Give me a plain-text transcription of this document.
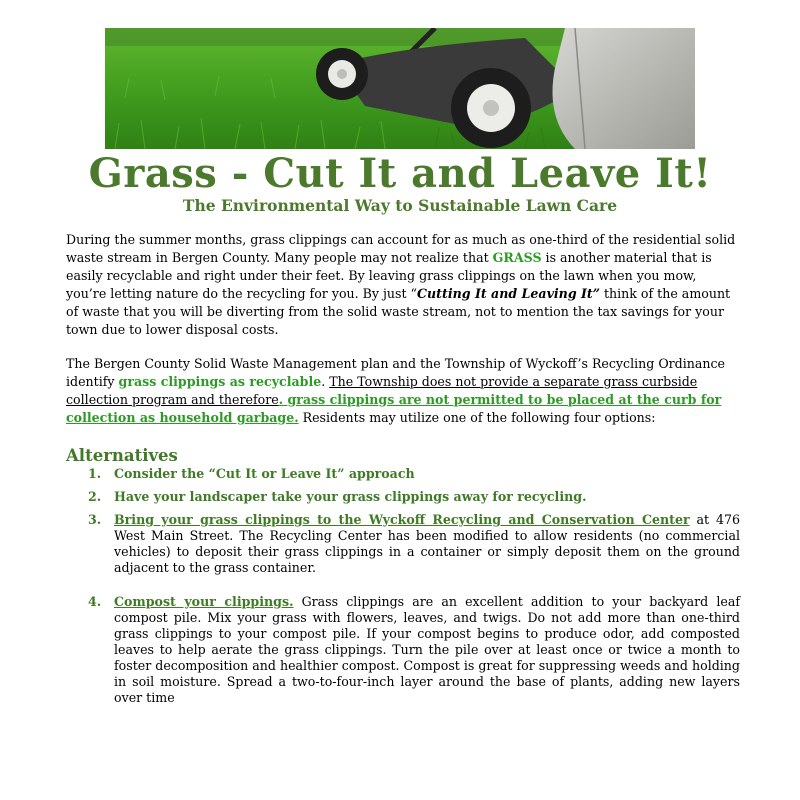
Grass - Cut It and Leave It!
The Environmental Way to Sustainable Lawn Care

During the summer months, grass clippings can account for as much as one-third of the residential solid waste stream in Bergen County. Many people may not realize that GRASS is another material that is easily recyclable and right under their feet. By leaving grass clippings on the lawn when you mow, you’re letting nature do the recycling for you. By just “Cutting It and Leaving It” think of the amount of waste that you will be diverting from the solid waste stream, not to mention the tax savings for your town due to lower disposal costs.

The Bergen County Solid Waste Management plan and the Township of Wyckoff’s Recycling Ordinance identify grass clippings as recyclable. The Township does not provide a separate grass curbside collection program and therefore. grass clippings are not permitted to be placed at the curb for collection as household garbage. Residents may utilize one of the following four options:

Alternatives
1.	Consider the “Cut It or Leave It” approach
2.	Have your landscaper take your grass clippings away for recycling.
3.	Bring your grass clippings to the Wyckoff Recycling and Conservation Center at 476 West Main Street. The Recycling Center has been modified to allow residents (no commercial vehicles) to deposit their grass clippings in a container or simply deposit them on the ground adjacent to the grass container.
4.	Compost your clippings. Grass clippings are an excellent addition to your backyard leaf compost pile. Mix your grass with flowers, leaves, and twigs. Do not add more than one-third grass clippings to your compost pile. If your compost begins to produce odor, add composted leaves to help aerate the grass clippings. Turn the pile over at least once or twice a month to foster decomposition and healthier compost. Compost is great for suppressing weeds and holding in soil moisture. Spread a two-to-four-inch layer around the base of plants, adding new layers over time
